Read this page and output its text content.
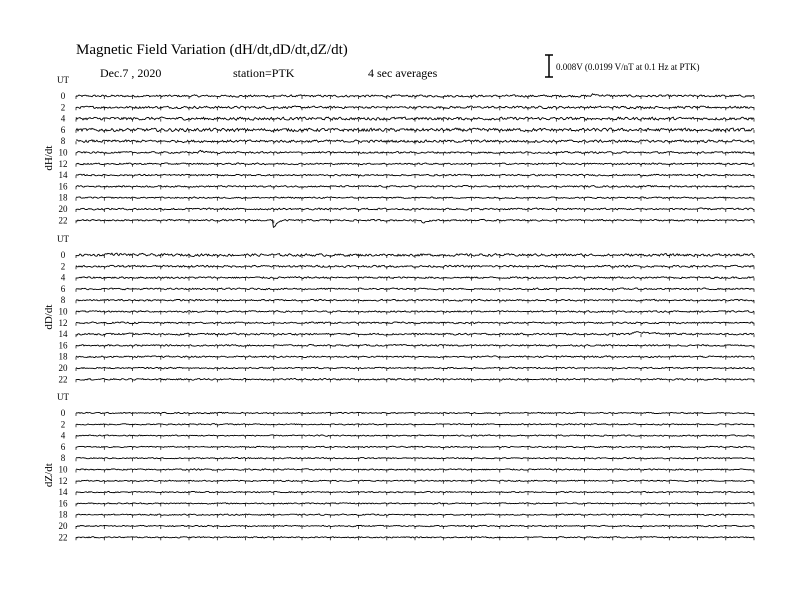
Magnetic Field Variation (dH/dt,dD/dt,dZ/dt)
Dec.7 , 2020	station=PTK	4 sec averages	0.008V (0.0199 V/nT at 0.1 Hz at PTK)
UT
dH/dt
0
2
4
6
8
10
12
14
16
18
20
22
UT
dD/dt
0
2
4
6
8
10
12
14
16
18
20
22
UT
dZ/dt
0
2
4
6
8
10
12
14
16
18
20
22
